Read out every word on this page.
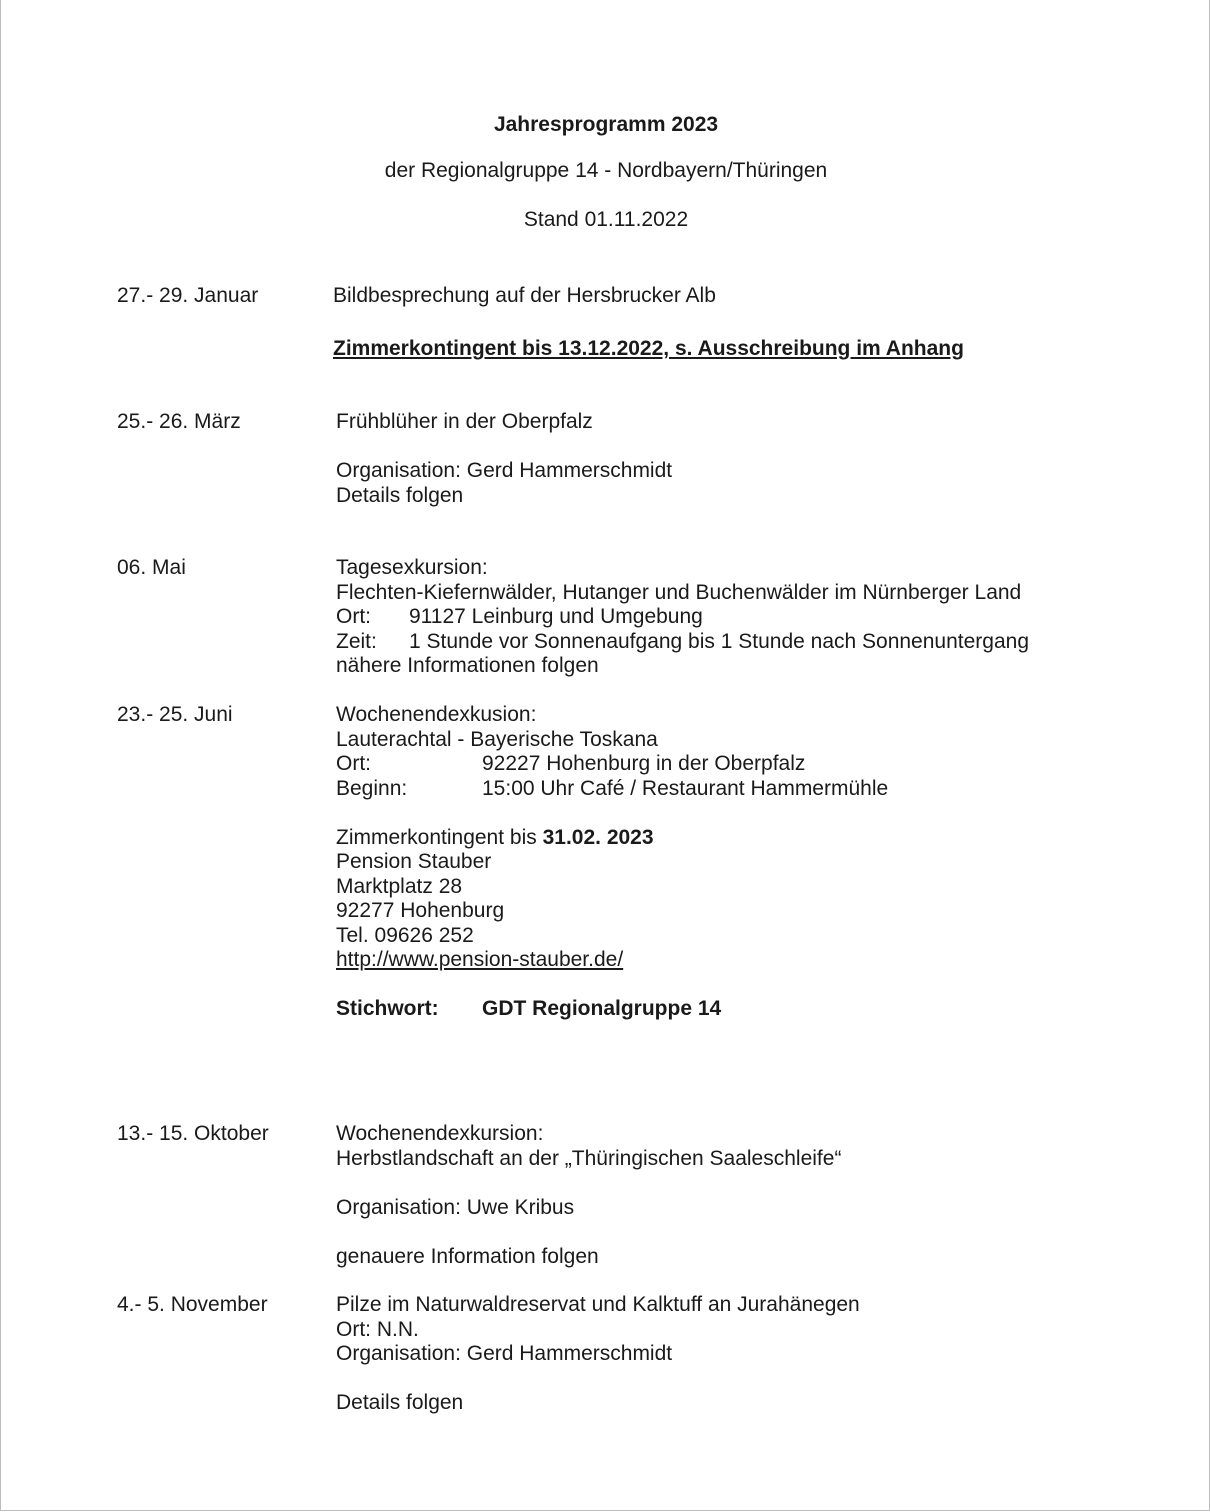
Jahresprogramm 2023
der Regionalgruppe 14 - Nordbayern/Thüringen
Stand 01.11.2022
27.- 29. Januar	Bildbesprechung auf der Hersbrucker Alb
Zimmerkontingent bis 13.12.2022, s. Ausschreibung im Anhang
25.- 26. März	Frühblüher in der Oberpfalz
Organisation: Gerd Hammerschmidt
Details folgen
06. Mai	Tagesexkursion:
Flechten-Kiefernwälder, Hutanger und Buchenwälder im Nürnberger Land
Ort: 91127 Leinburg und Umgebung
Zeit: 1 Stunde vor Sonnenaufgang bis 1 Stunde nach Sonnenuntergang
nähere Informationen folgen
23.- 25. Juni	Wochenendexkusion:
Lauterachtal - Bayerische Toskana
Ort:	92227 Hohenburg in der Oberpfalz
Beginn:	15:00 Uhr Café / Restaurant Hammermühle
Zimmerkontingent bis 31.02. 2023
Pension Stauber
Marktplatz 28
92277 Hohenburg
Tel. 09626 252
http://www.pension-stauber.de/
Stichwort: GDT Regionalgruppe 14
13.- 15. Oktober	Wochenendexkursion:
Herbstlandschaft an der „Thüringischen Saaleschleife“
Organisation: Uwe Kribus
genauere Information folgen
4.- 5. November	Pilze im Naturwaldreservat und Kalktuff an Jurahänegen
Ort: N.N.
Organisation: Gerd Hammerschmidt
Details folgen
